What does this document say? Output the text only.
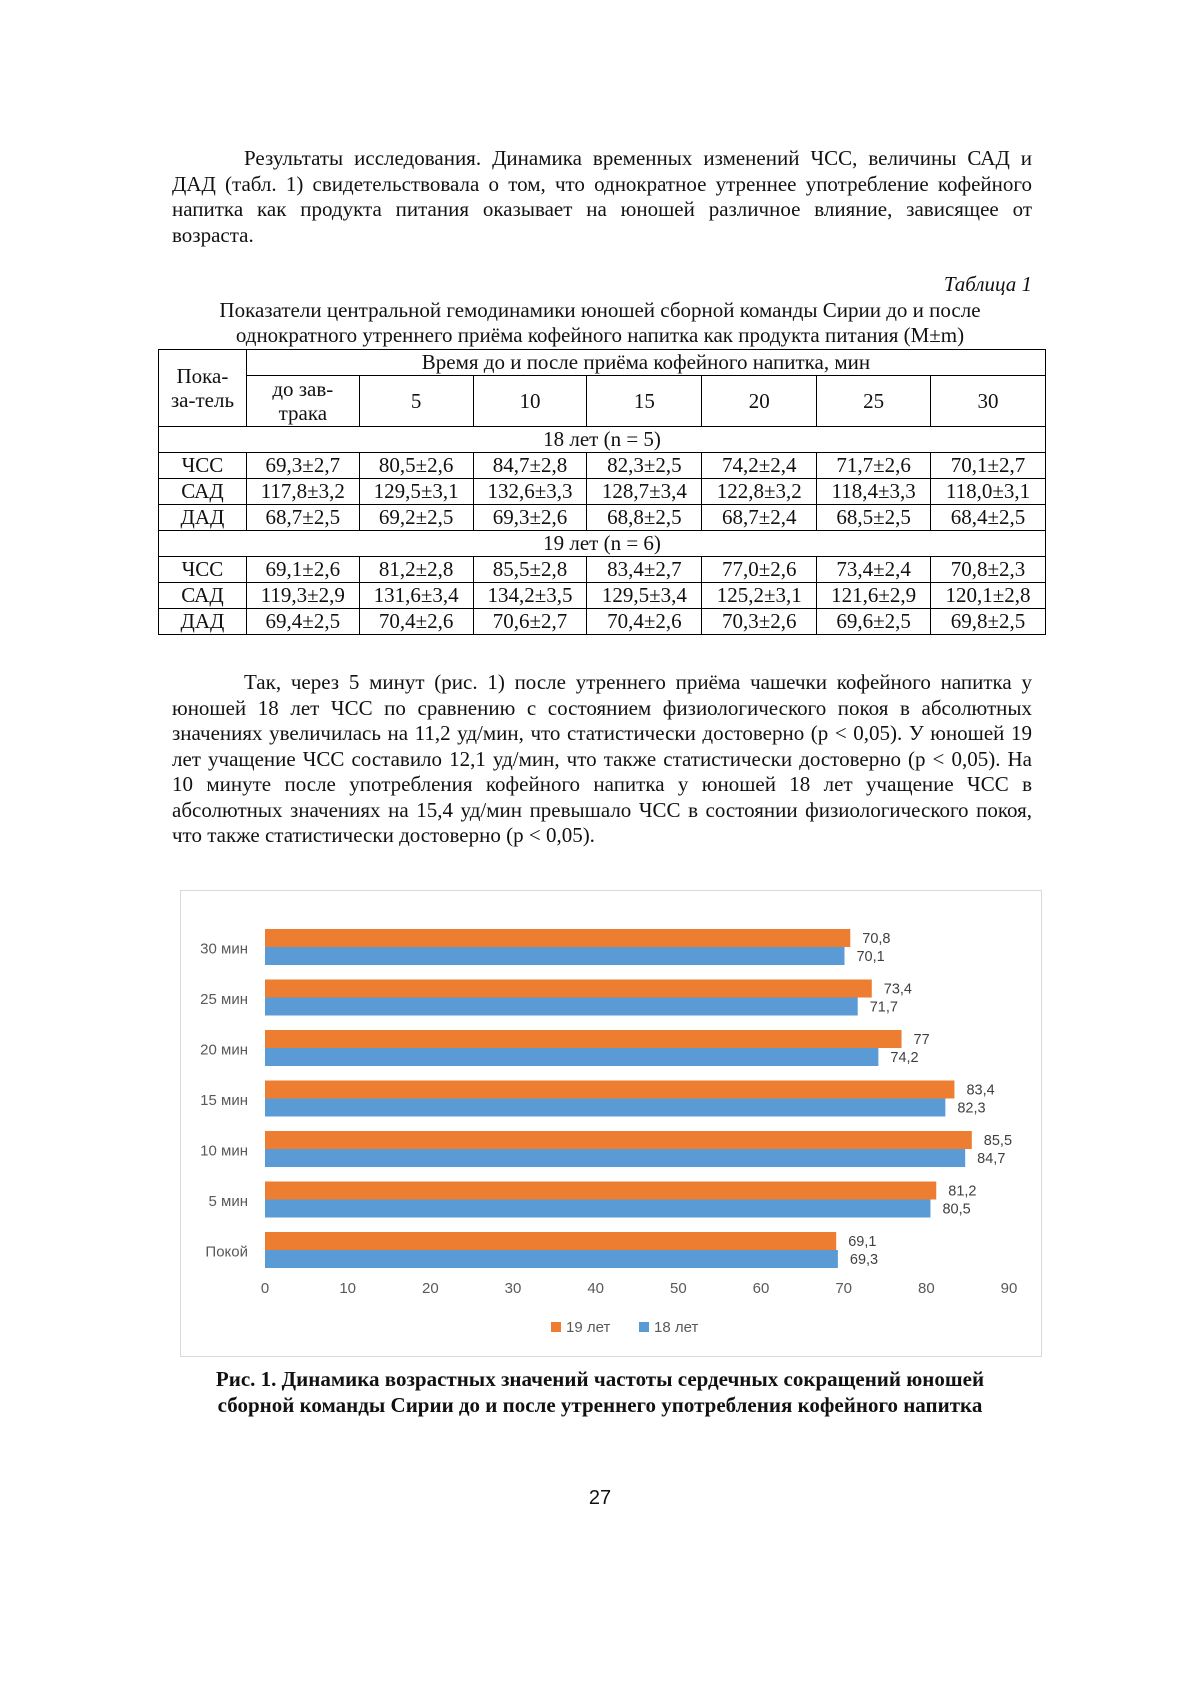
Результаты исследования. Динамика временных изменений ЧСС, величины САД и ДАД (табл. 1) свидетельствовала о том, что однократное утреннее употребление кофейного напитка как продукта питания оказывает на юношей различное влияние, зависящее от возраста.

Таблица 1
Показатели центральной гемодинамики юношей сборной команды Сирии до и после
однократного утреннего приёма кофейного напитка как продукта питания (M±m)
Пока-за-тель	Время до и после приёма кофейного напитка, мин						
	до зав-трака	5	10	15	20	25	30
18 лет (n = 5)							
ЧСС	69,3±2,7	80,5±2,6	84,7±2,8	82,3±2,5	74,2±2,4	71,7±2,6	70,1±2,7
САД	117,8±3,2	129,5±3,1	132,6±3,3	128,7±3,4	122,8±3,2	118,4±3,3	118,0±3,1
ДАД	68,7±2,5	69,2±2,5	69,3±2,6	68,8±2,5	68,7±2,4	68,5±2,5	68,4±2,5
19 лет (n = 6)							
ЧСС	69,1±2,6	81,2±2,8	85,5±2,8	83,4±2,7	77,0±2,6	73,4±2,4	70,8±2,3
САД	119,3±2,9	131,6±3,4	134,2±3,5	129,5±3,4	125,2±3,1	121,6±2,9	120,1±2,8
ДАД	69,4±2,5	70,4±2,6	70,6±2,7	70,4±2,6	70,3±2,6	69,6±2,5	69,8±2,5

Так, через 5 минут (рис. 1) после утреннего приёма чашечки кофейного напитка у юношей 18 лет ЧСС по сравнению с состоянием физиологического покоя в абсолютных значениях увеличилась на 11,2 уд/мин, что статистически достоверно (р < 0,05). У юношей 19 лет учащение ЧСС составило 12,1 уд/мин, что также статистически достоверно (р < 0,05). На 10 минуте после употребления кофейного напитка у юношей 18 лет учащение ЧСС в абсолютных значениях на 15,4 уд/мин превышало ЧСС в состоянии физиологического покоя, что также статистически достоверно (р < 0,05).

Покой
69,1
69,3
5 мин
81,2
80,5
10 мин
85,5
84,7
15 мин
83,4
82,3
20 мин
77
74,2
25 мин
73,4
71,7
30 мин
70,8
70,1
0	10	20	30	40	50	60	70	80	90
19 лет	18 лет
Рис. 1. Динамика возрастных значений частоты сердечных сокращений юношей
сборной команды Сирии до и после утреннего употребления кофейного напитка
27
